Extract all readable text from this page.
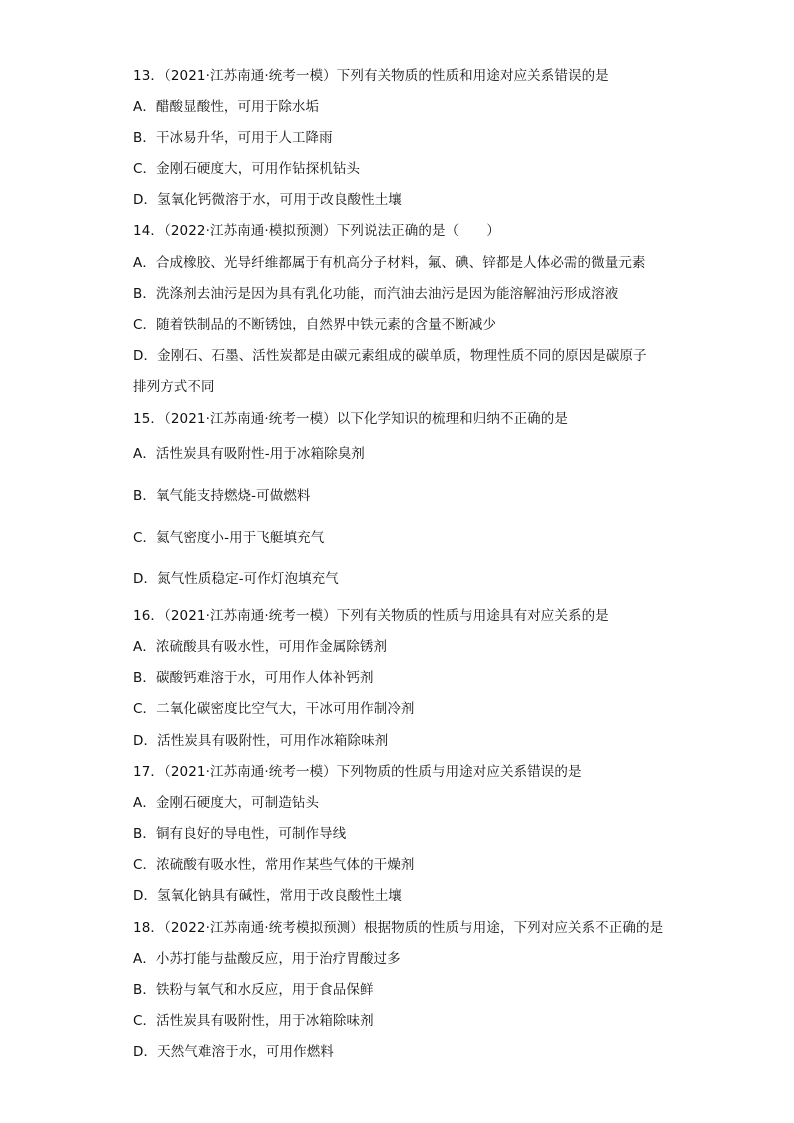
13．（2021·江苏南通·统考一模）下列有关物质的性质和用途对应关系错误的是
A．醋酸显酸性，可用于除水垢
B．干冰易升华，可用于人工降雨
C．金刚石硬度大，可用作钻探机钻头
D．氢氧化钙微溶于水，可用于改良酸性土壤
14．（2022·江苏南通·模拟预测）下列说法正确的是（　　）
A．合成橡胶、光导纤维都属于有机高分子材料，氟、碘、锌都是人体必需的微量元素
B．洗涤剂去油污是因为具有乳化功能，而汽油去油污是因为能溶解油污形成溶液
C．随着铁制品的不断锈蚀，自然界中铁元素的含量不断减少
D．金刚石、石墨、活性炭都是由碳元素组成的碳单质，物理性质不同的原因是碳原子
排列方式不同
15．（2021·江苏南通·统考一模）以下化学知识的梳理和归纳不正确的是
A．活性炭具有吸附性-用于冰箱除臭剂
B．氧气能支持燃烧-可做燃料
C．氦气密度小-用于飞艇填充气
D．氮气性质稳定-可作灯泡填充气
16．（2021·江苏南通·统考一模）下列有关物质的性质与用途具有对应关系的是
A．浓硫酸具有吸水性，可用作金属除锈剂
B．碳酸钙难溶于水，可用作人体补钙剂
C．二氧化碳密度比空气大，干冰可用作制冷剂
D．活性炭具有吸附性，可用作冰箱除味剂
17．（2021·江苏南通·统考一模）下列物质的性质与用途对应关系错误的是
A．金刚石硬度大，可制造钻头
B．铜有良好的导电性，可制作导线
C．浓硫酸有吸水性，常用作某些气体的干燥剂
D．氢氧化钠具有碱性，常用于改良酸性土壤
18．（2022·江苏南通·统考模拟预测）根据物质的性质与用途，下列对应关系不正确的是
A．小苏打能与盐酸反应，用于治疗胃酸过多
B．铁粉与氧气和水反应，用于食品保鲜
C．活性炭具有吸附性，用于冰箱除味剂
D．天然气难溶于水，可用作燃料
